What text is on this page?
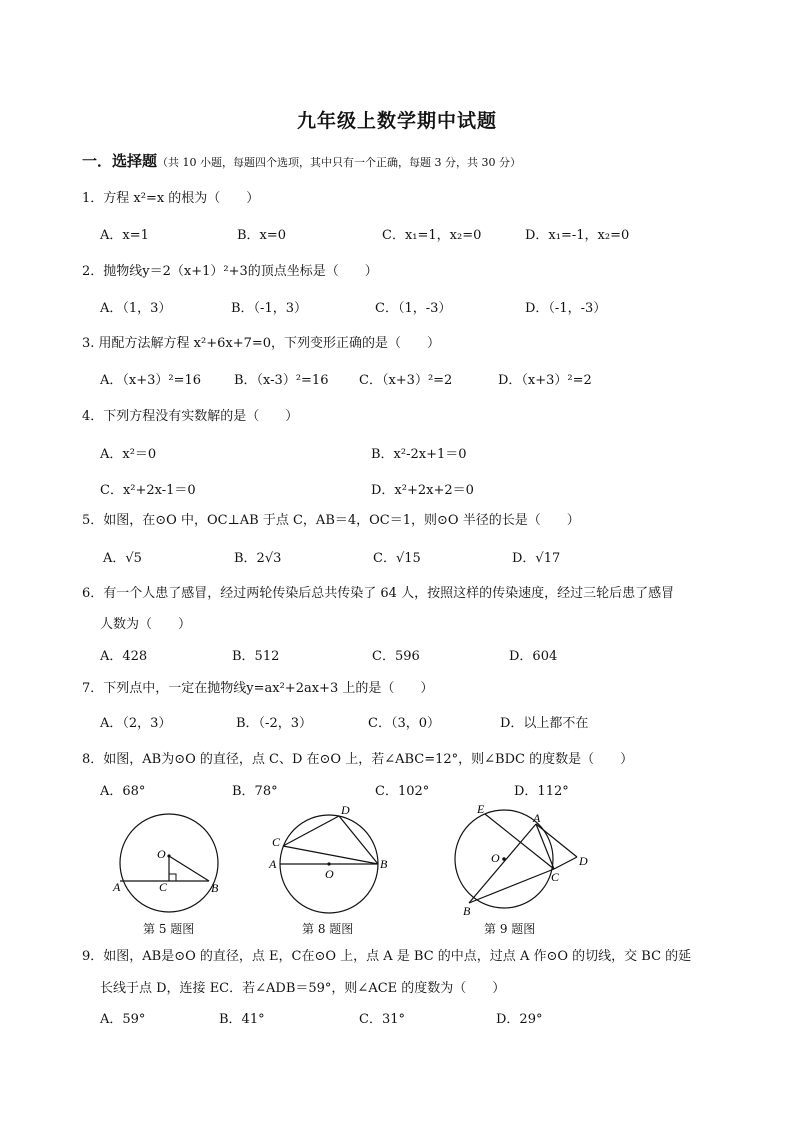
九年级上数学期中试题
一．选择题（共 10 小题，每题四个选项，其中只有一个正确，每题 3 分，共 30 分）
1．方程 x²=x 的根为（　　）
A．x=1	B．x=0	C．x₁=1，x₂=0	D．x₁=-1，x₂=0
2．抛物线y＝2（x+1）²+3的顶点坐标是（　　）
A．（1，3）	B．（-1，3）	C．（1，-3）	D．（-1，-3）
3. 用配方法解方程 x²+6x+7=0，下列变形正确的是（　　）
A．（x+3）²=16	B．（x-3）²=16 C．（x+3）²=2	D．（x+3）²=2
4．下列方程没有实数解的是（　　）
A．x²＝0	B．x²-2x+1＝0
C．x²+2x-1＝0	D．x²+2x+2＝0
5．如图，在⊙O 中，OC⊥AB 于点 C，AB＝4，OC＝1，则⊙O 半径的长是（　　）
A．√5	B．2√3	C．√15	D．√17
6．有一个人患了感冒，经过两轮传染后总共传染了 64 人，按照这样的传染速度，经过三轮后患了感冒
人数为（　　）
A．428	B．512	C．596	D．604
7．下列点中，一定在抛物线y=ax²+2ax+3 上的是（　　）
A．（2，3）	B．（-2，3）	C．（3，0）	D．以上都不在
8．如图，AB为⊙O 的直径，点 C、D 在⊙O 上，若∠ABC=12°，则∠BDC 的度数是（　　）
A．68°	B．78°	C．102°	D．112°
O
A	C	B
第 5 题图
D
C
A
O
B
第 8 题图
E
A
O	D
C
B
第 9 题图
9．如图，AB是⊙O 的直径，点 E，C在⊙O 上，点 A 是 BC 的中点，过点 A 作⊙O 的切线，交 BC 的延
长线于点 D，连接 EC．若∠ADB＝59°，则∠ACE 的度数为（　　）
A．59°	B．41°	C．31°	D．29°
